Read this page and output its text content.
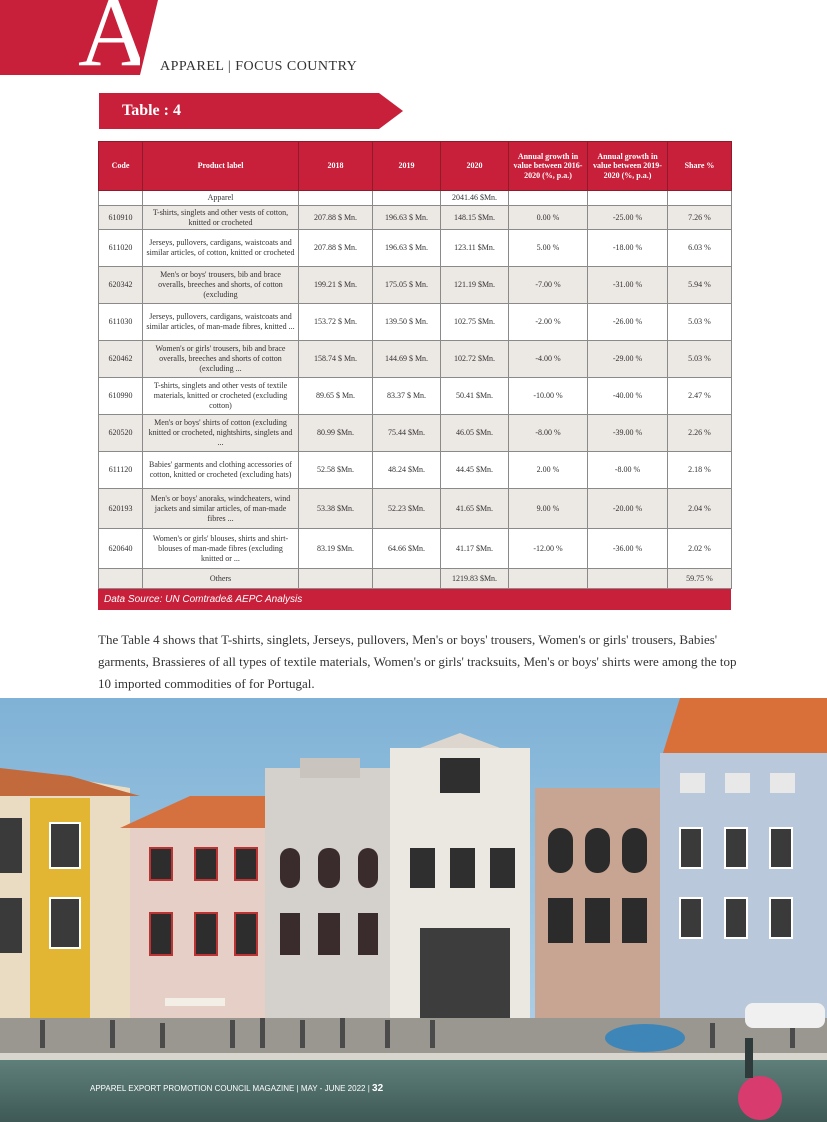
A APPAREL | FOCUS COUNTRY
Table : 4
Code	Product label	2018	2019	2020	Annual growth in value between 2016-2020 (%, p.a.)	Annual growth in value between 2019-2020 (%, p.a.)	Share %
	Apparel			2041.46 $Mn.			
610910	T-shirts, singlets and other vests of cotton, knitted or crocheted	207.88 $ Mn.	196.63 $ Mn.	148.15 $Mn.	0.00 %	-25.00 %	7.26 %
611020	Jerseys, pullovers, cardigans, waistcoats and similar articles, of cotton, knitted or crocheted	207.88 $ Mn.	196.63 $ Mn.	123.11 $Mn.	5.00 %	-18.00 %	6.03 %
620342	Men's or boys' trousers, bib and brace overalls, breeches and shorts, of cotton (excluding	199.21 $ Mn.	175.05 $ Mn.	121.19 $Mn.	-7.00 %	-31.00 %	5.94 %
611030	Jerseys, pullovers, cardigans, waistcoats and similar articles, of man-made fibres, knitted ...	153.72 $ Mn.	139.50 $ Mn.	102.75 $Mn.	-2.00 %	-26.00 %	5.03 %
620462	Women's or girls' trousers, bib and brace overalls, breeches and shorts of cotton (excluding ...	158.74 $ Mn.	144.69 $ Mn.	102.72 $Mn.	-4.00 %	-29.00 %	5.03 %
610990	T-shirts, singlets and other vests of textile materials, knitted or crocheted (excluding cotton)	89.65 $ Mn.	83.37 $ Mn.	50.41 $Mn.	-10.00 %	-40.00 %	2.47 %
620520	Men's or boys' shirts of cotton (excluding knitted or crocheted, nightshirts, singlets and ...	80.99 $Mn.	75.44 $Mn.	46.05 $Mn.	-8.00 %	-39.00 %	2.26 %
611120	Babies' garments and clothing accessories of cotton, knitted or crocheted (excluding hats)	52.58 $Mn.	48.24 $Mn.	44.45 $Mn.	2.00 %	-8.00 %	2.18 %
620193	Men's or boys' anoraks, windcheaters, wind jackets and similar articles, of man-made fibres ...	53.38 $Mn.	52.23 $Mn.	41.65 $Mn.	9.00 %	-20.00 %	2.04 %
620640	Women's or girls' blouses, shirts and shirt-blouses of man-made fibres (excluding knitted or ...	83.19 $Mn.	64.66 $Mn.	41.17 $Mn.	-12.00 %	-36.00 %	2.02 %
	Others			1219.83 $Mn.			59.75 %
Data Source: UN Comtrade& AEPC Analysis

The Table 4 shows that T-shirts, singlets, Jerseys, pullovers, Men's or boys' trousers, Women's or girls' trousers, Babies' garments, Brassieres of all types of textile materials, Women's or girls' tracksuits, Men's or boys' shirts were among the top 10 imported commodities of for Portugal.

APPAREL EXPORT PROMOTION COUNCIL MAGAZINE | MAY - JUNE 2022 | 32
